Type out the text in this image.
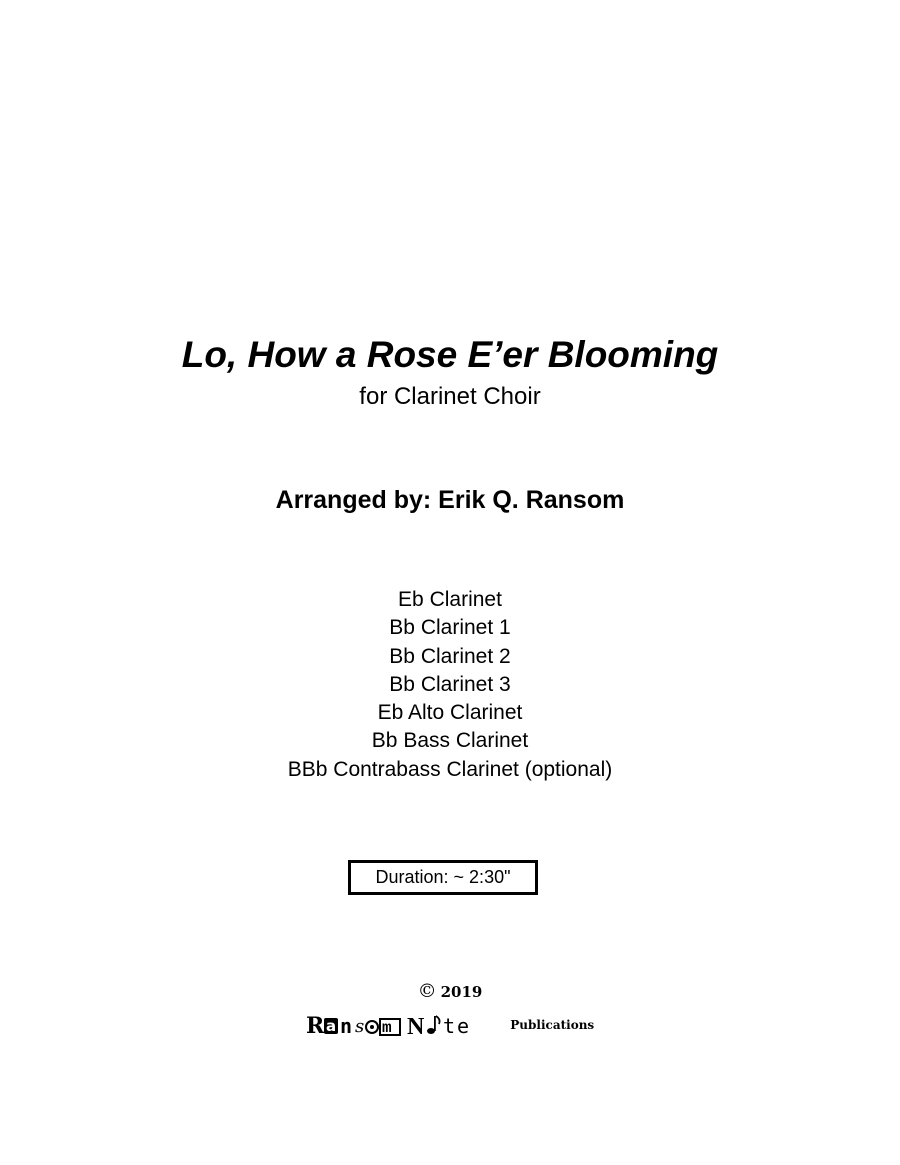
Lo, How a Rose E’er Blooming
for Clarinet Choir
Arranged by: Erik Q. Ransom
Eb Clarinet
Bb Clarinet 1
Bb Clarinet 2
Bb Clarinet 3
Eb Alto Clarinet
Bb Bass Clarinet
BBb Contrabass Clarinet (optional)
Duration: ~ 2:30"
© 2019
R a n s m N t e	Publications
